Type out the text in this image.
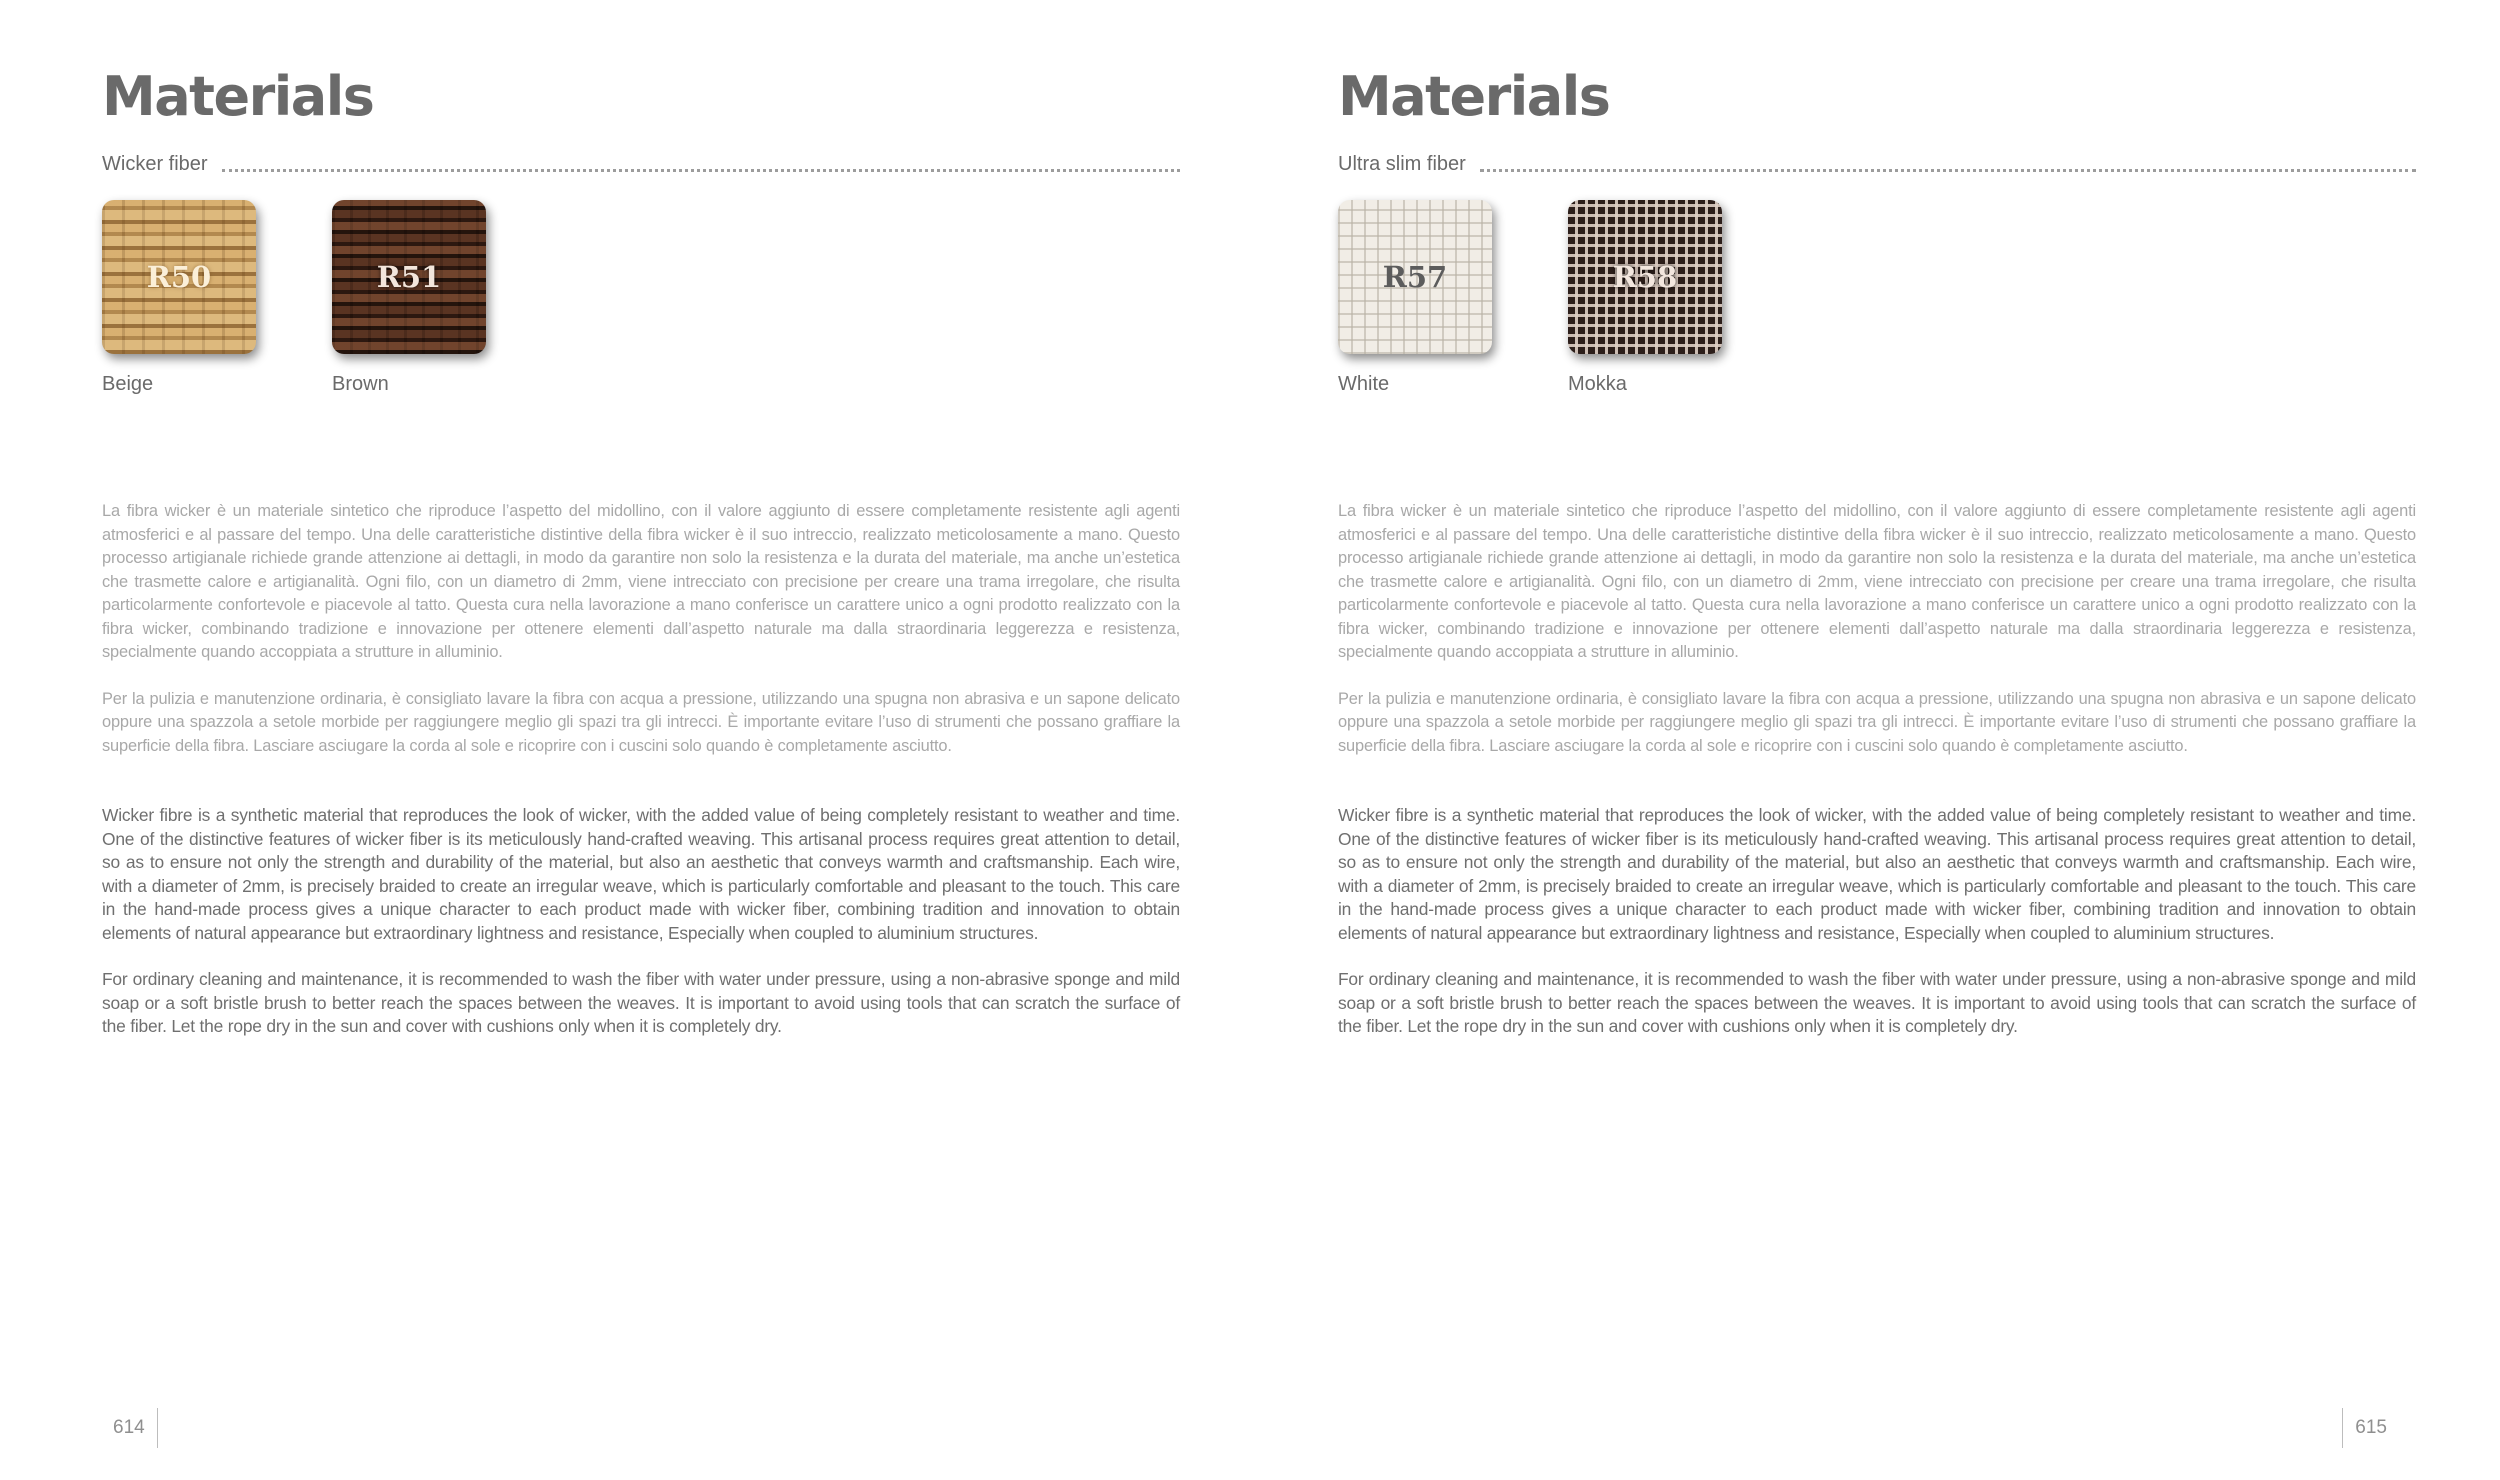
Materials
Wicker fiber
R50
Beige
R51
Brown

La fibra wicker è un materiale sintetico che riproduce l’aspetto del midollino, con il valore aggiunto di essere completamente resistente agli agenti atmosferici e al passare del tempo. Una delle caratteristiche distintive della fibra wicker è il suo intreccio, realizzato meticolosamente a mano. Questo processo artigianale richiede grande attenzione ai dettagli, in modo da garantire non solo la resistenza e la durata del materiale, ma anche un’estetica che trasmette calore e artigianalità. Ogni filo, con un diametro di 2mm, viene intrecciato con precisione per creare una trama irregolare, che risulta particolarmente confortevole e piacevole al tatto. Questa cura nella lavorazione a mano conferisce un carattere unico a ogni prodotto realizzato con la fibra wicker, combinando tradizione e innovazione per ottenere elementi dall’aspetto naturale ma dalla straordinaria leggerezza e resistenza, specialmente quando accoppiata a strutture in alluminio.

Per la pulizia e manutenzione ordinaria, è consigliato lavare la fibra con acqua a pressione, utilizzando una spugna non abrasiva e un sapone delicato oppure una spazzola a setole morbide per raggiungere meglio gli spazi tra gli intrecci. È importante evitare l’uso di strumenti che possano graffiare la superficie della fibra. Lasciare asciugare la corda al sole e ricoprire con i cuscini solo quando è completamente asciutto.

Wicker fibre is a synthetic material that reproduces the look of wicker, with the added value of being completely resistant to weather and time. One of the distinctive features of wicker fiber is its meticulously hand-crafted weaving. This artisanal process requires great attention to detail, so as to ensure not only the strength and durability of the material, but also an aesthetic that conveys warmth and craftsmanship. Each wire, with a diameter of 2mm, is precisely braided to create an irregular weave, which is particularly comfortable and pleasant to the touch. This care in the hand-made process gives a unique character to each product made with wicker fiber, combining tradition and innovation to obtain elements of natural appearance but extraordinary lightness and resistance, Especially when coupled to aluminium structures.

For ordinary cleaning and maintenance, it is recommended to wash the fiber with water under pressure, using a non-abrasive sponge and mild soap or a soft bristle brush to better reach the spaces between the weaves. It is important to avoid using tools that can scratch the surface of the fiber. Let the rope dry in the sun and cover with cushions only when it is completely dry.

614
Materials
Ultra slim fiber
R57
White
R58
Mokka

La fibra wicker è un materiale sintetico che riproduce l’aspetto del midollino, con il valore aggiunto di essere completamente resistente agli agenti atmosferici e al passare del tempo. Una delle caratteristiche distintive della fibra wicker è il suo intreccio, realizzato meticolosamente a mano. Questo processo artigianale richiede grande attenzione ai dettagli, in modo da garantire non solo la resistenza e la durata del materiale, ma anche un’estetica che trasmette calore e artigianalità. Ogni filo, con un diametro di 2mm, viene intrecciato con precisione per creare una trama irregolare, che risulta particolarmente confortevole e piacevole al tatto. Questa cura nella lavorazione a mano conferisce un carattere unico a ogni prodotto realizzato con la fibra wicker, combinando tradizione e innovazione per ottenere elementi dall’aspetto naturale ma dalla straordinaria leggerezza e resistenza, specialmente quando accoppiata a strutture in alluminio.

Per la pulizia e manutenzione ordinaria, è consigliato lavare la fibra con acqua a pressione, utilizzando una spugna non abrasiva e un sapone delicato oppure una spazzola a setole morbide per raggiungere meglio gli spazi tra gli intrecci. È importante evitare l’uso di strumenti che possano graffiare la superficie della fibra. Lasciare asciugare la corda al sole e ricoprire con i cuscini solo quando è completamente asciutto.

Wicker fibre is a synthetic material that reproduces the look of wicker, with the added value of being completely resistant to weather and time. One of the distinctive features of wicker fiber is its meticulously hand-crafted weaving. This artisanal process requires great attention to detail, so as to ensure not only the strength and durability of the material, but also an aesthetic that conveys warmth and craftsmanship. Each wire, with a diameter of 2mm, is precisely braided to create an irregular weave, which is particularly comfortable and pleasant to the touch. This care in the hand-made process gives a unique character to each product made with wicker fiber, combining tradition and innovation to obtain elements of natural appearance but extraordinary lightness and resistance, Especially when coupled to aluminium structures.

For ordinary cleaning and maintenance, it is recommended to wash the fiber with water under pressure, using a non-abrasive sponge and mild soap or a soft bristle brush to better reach the spaces between the weaves. It is important to avoid using tools that can scratch the surface of the fiber. Let the rope dry in the sun and cover with cushions only when it is completely dry.

615
